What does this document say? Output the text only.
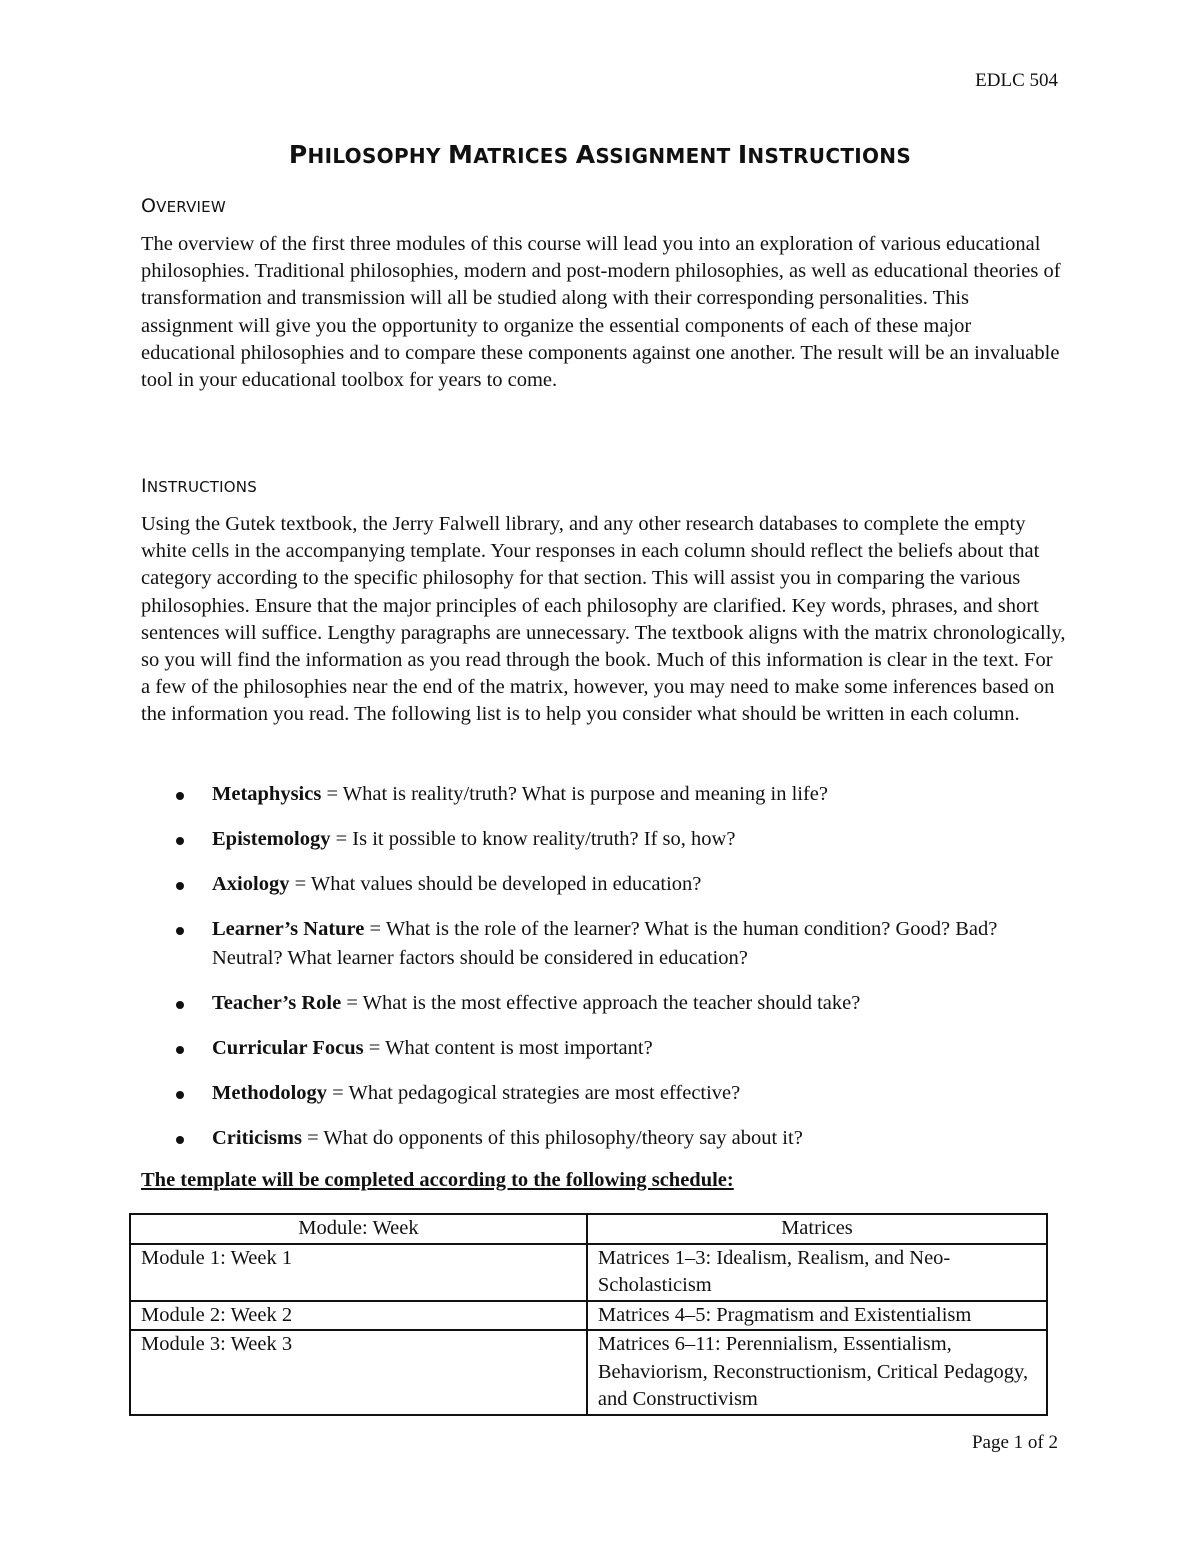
EDLC 504
PHILOSOPHY MATRICES ASSIGNMENT INSTRUCTIONS
OVERVIEW

The overview of the first three modules of this course will lead you into an exploration of various educational philosophies. Traditional philosophies, modern and post-modern philosophies, as well as educational theories of transformation and transmission will all be studied along with their corresponding personalities. This assignment will give you the opportunity to organize the essential components of each of these major educational philosophies and to compare these components against one another. The result will be an invaluable tool in your educational toolbox for years to come.

INSTRUCTIONS

Using the Gutek textbook, the Jerry Falwell library, and any other research databases to complete the empty white cells in the accompanying template. Your responses in each column should reflect the beliefs about that category according to the specific philosophy for that section. This will assist you in comparing the various philosophies. Ensure that the major principles of each philosophy are clarified. Key words, phrases, and short sentences will suffice. Lengthy paragraphs are unnecessary. The textbook aligns with the matrix chronologically, so you will find the information as you read through the book. Much of this information is clear in the text. For a few of the philosophies near the end of the matrix, however, you may need to make some inferences based on the information you read. The following list is to help you consider what should be written in each column.

Metaphysics = What is reality/truth? What is purpose and meaning in life?
Epistemology = Is it possible to know reality/truth? If so, how?
Axiology = What values should be developed in education?
Learner’s Nature = What is the role of the learner? What is the human condition? Good? Bad? Neutral? What learner factors should be considered in education?
Teacher’s Role = What is the most effective approach the teacher should take?
Curricular Focus = What content is most important?
Methodology = What pedagogical strategies are most effective?
Criticisms = What do opponents of this philosophy/theory say about it?
The template will be completed according to the following schedule:
Module: Week	Matrices
Module 1: Week 1	Matrices 1–3: Idealism, Realism, and Neo-Scholasticism
Module 2: Week 2	Matrices 4–5: Pragmatism and Existentialism
Module 3: Week 3	Matrices 6–11: Perennialism, Essentialism, Behaviorism, Reconstructionism, Critical Pedagogy, and Constructivism
Page 1 of 2
